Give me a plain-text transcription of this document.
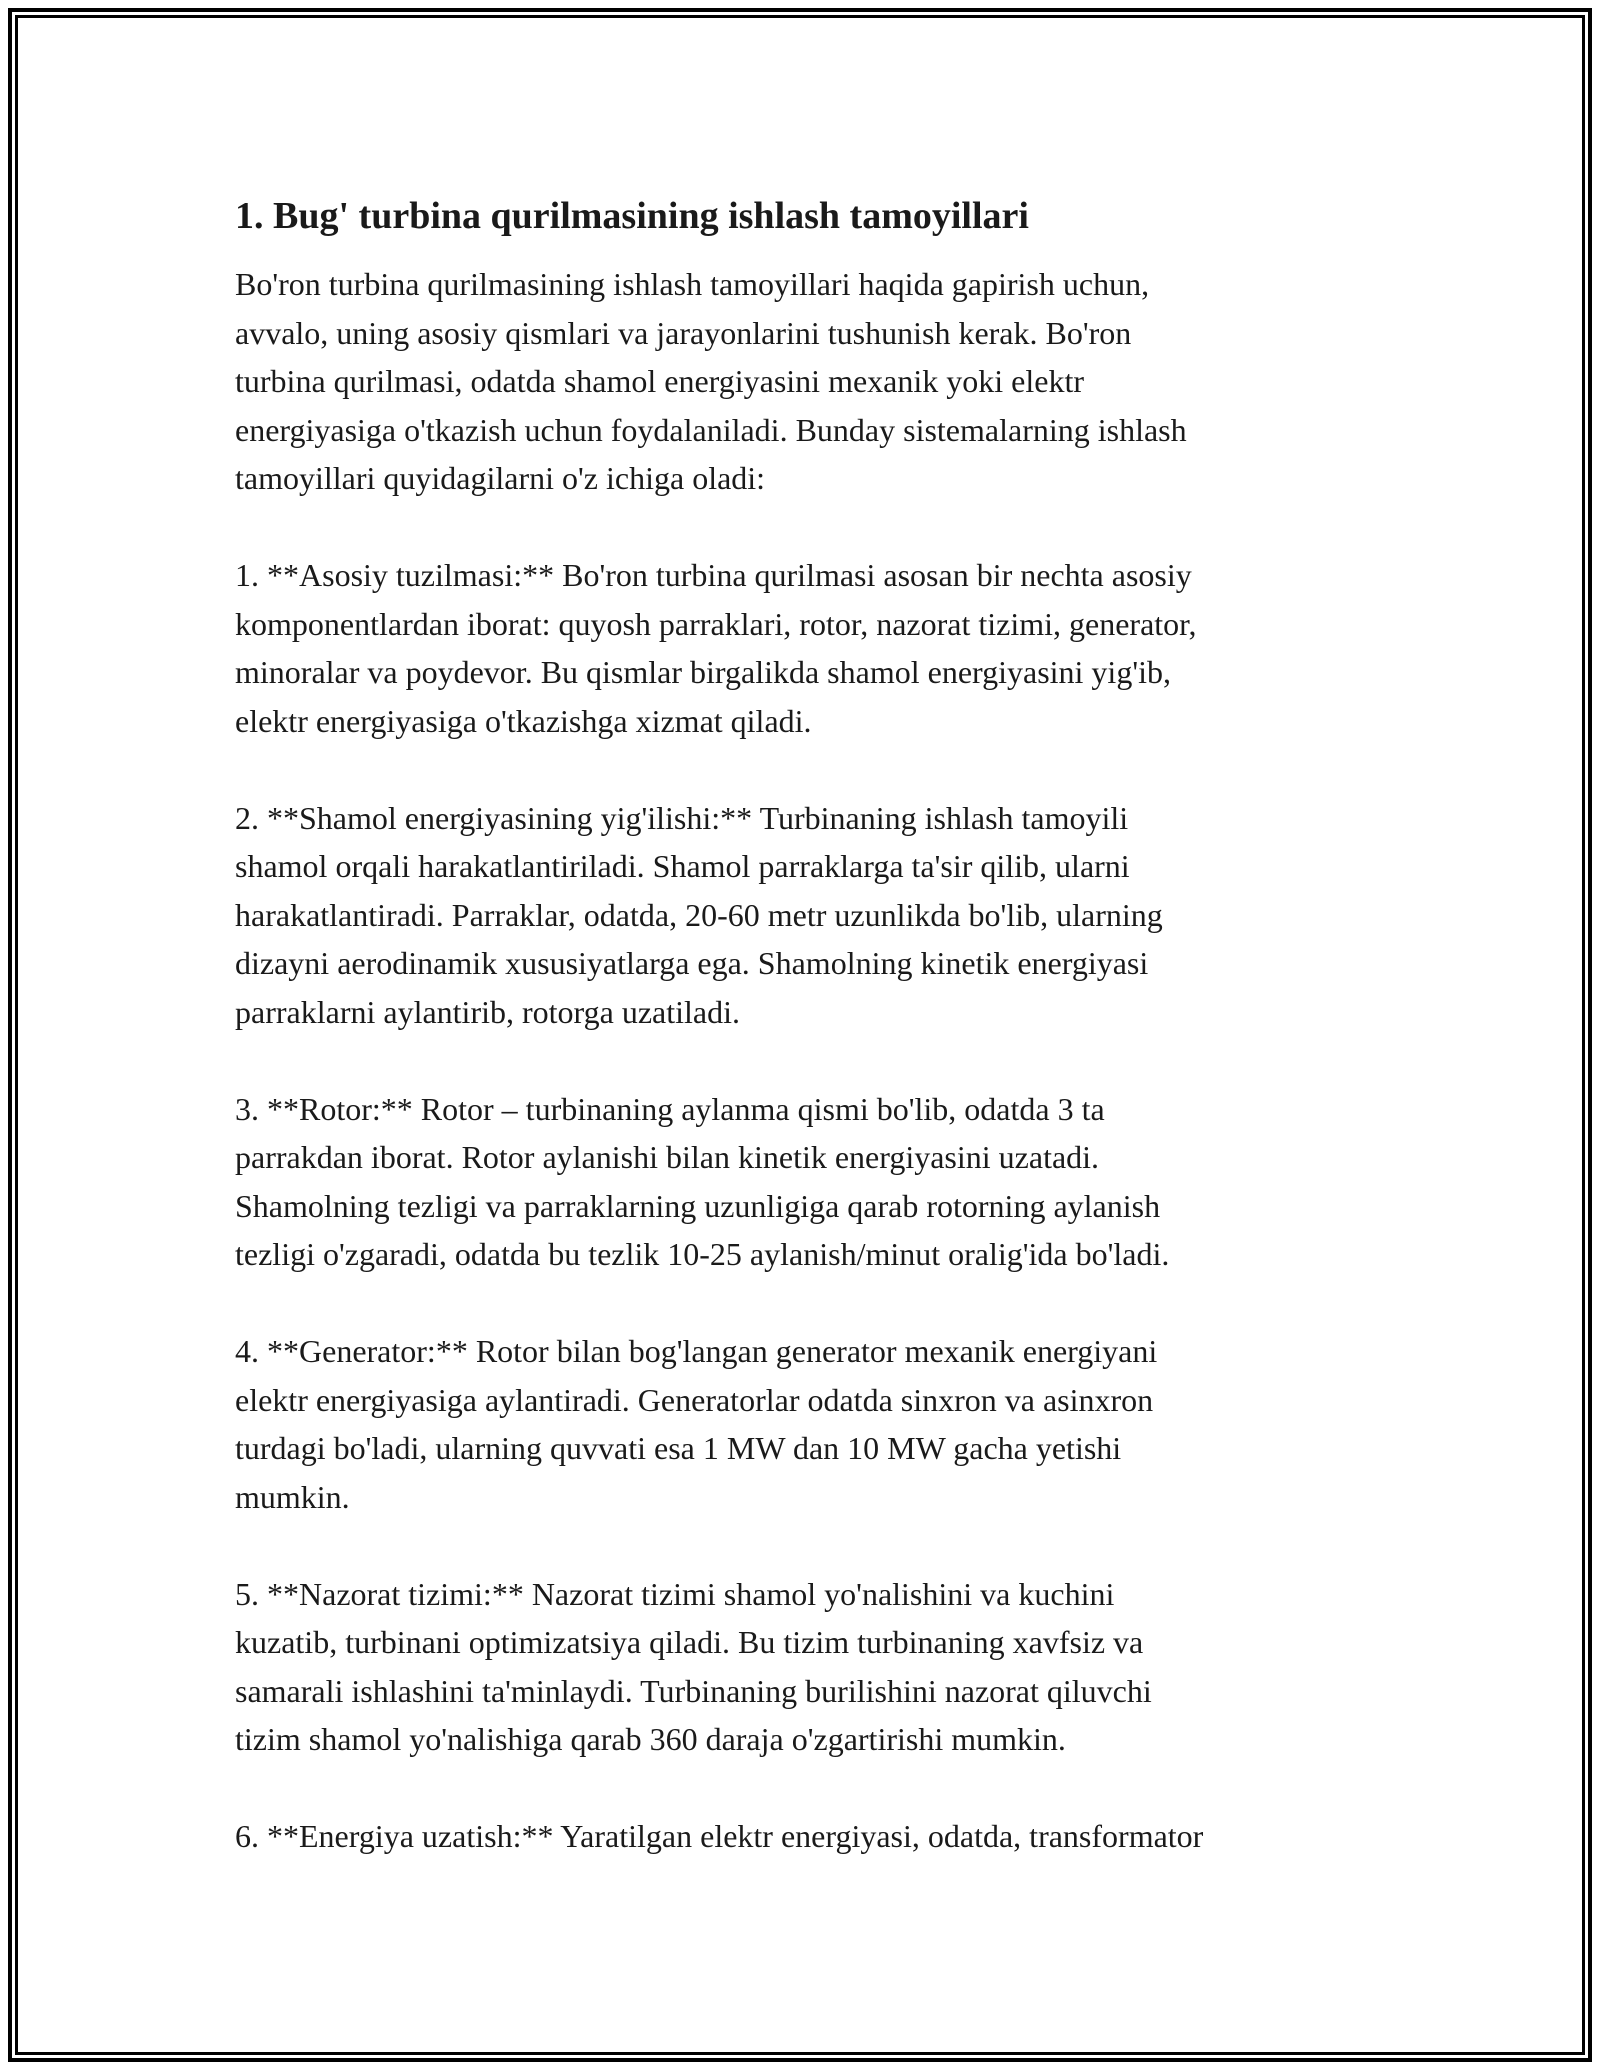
1. Bug' turbina qurilmasining ishlash tamoyillari

Bo'ron turbina qurilmasining ishlash tamoyillari haqida gapirish uchun,
avvalo, uning asosiy qismlari va jarayonlarini tushunish kerak. Bo'ron
turbina qurilmasi, odatda shamol energiyasini mexanik yoki elektr
energiyasiga o'tkazish uchun foydalaniladi. Bunday sistemalarning ishlash
tamoyillari quyidagilarni o'z ichiga oladi:

1. **Asosiy tuzilmasi:** Bo'ron turbina qurilmasi asosan bir nechta asosiy
komponentlardan iborat: quyosh parraklari, rotor, nazorat tizimi, generator,
minoralar va poydevor. Bu qismlar birgalikda shamol energiyasini yig'ib,
elektr energiyasiga o'tkazishga xizmat qiladi.

2. **Shamol energiyasining yig'ilishi:** Turbinaning ishlash tamoyili
shamol orqali harakatlantiriladi. Shamol parraklarga ta'sir qilib, ularni
harakatlantiradi. Parraklar, odatda, 20-60 metr uzunlikda bo'lib, ularning
dizayni aerodinamik xususiyatlarga ega. Shamolning kinetik energiyasi
parraklarni aylantirib, rotorga uzatiladi.

3. **Rotor:** Rotor – turbinaning aylanma qismi bo'lib, odatda 3 ta
parrakdan iborat. Rotor aylanishi bilan kinetik energiyasini uzatadi.
Shamolning tezligi va parraklarning uzunligiga qarab rotorning aylanish
tezligi o'zgaradi, odatda bu tezlik 10-25 aylanish/minut oralig'ida bo'ladi.

4. **Generator:** Rotor bilan bog'langan generator mexanik energiyani
elektr energiyasiga aylantiradi. Generatorlar odatda sinxron va asinxron
turdagi bo'ladi, ularning quvvati esa 1 MW dan 10 MW gacha yetishi
mumkin.

5. **Nazorat tizimi:** Nazorat tizimi shamol yo'nalishini va kuchini
kuzatib, turbinani optimizatsiya qiladi. Bu tizim turbinaning xavfsiz va
samarali ishlashini ta'minlaydi. Turbinaning burilishini nazorat qiluvchi
tizim shamol yo'nalishiga qarab 360 daraja o'zgartirishi mumkin.

6. **Energiya uzatish:** Yaratilgan elektr energiyasi, odatda, transformator
